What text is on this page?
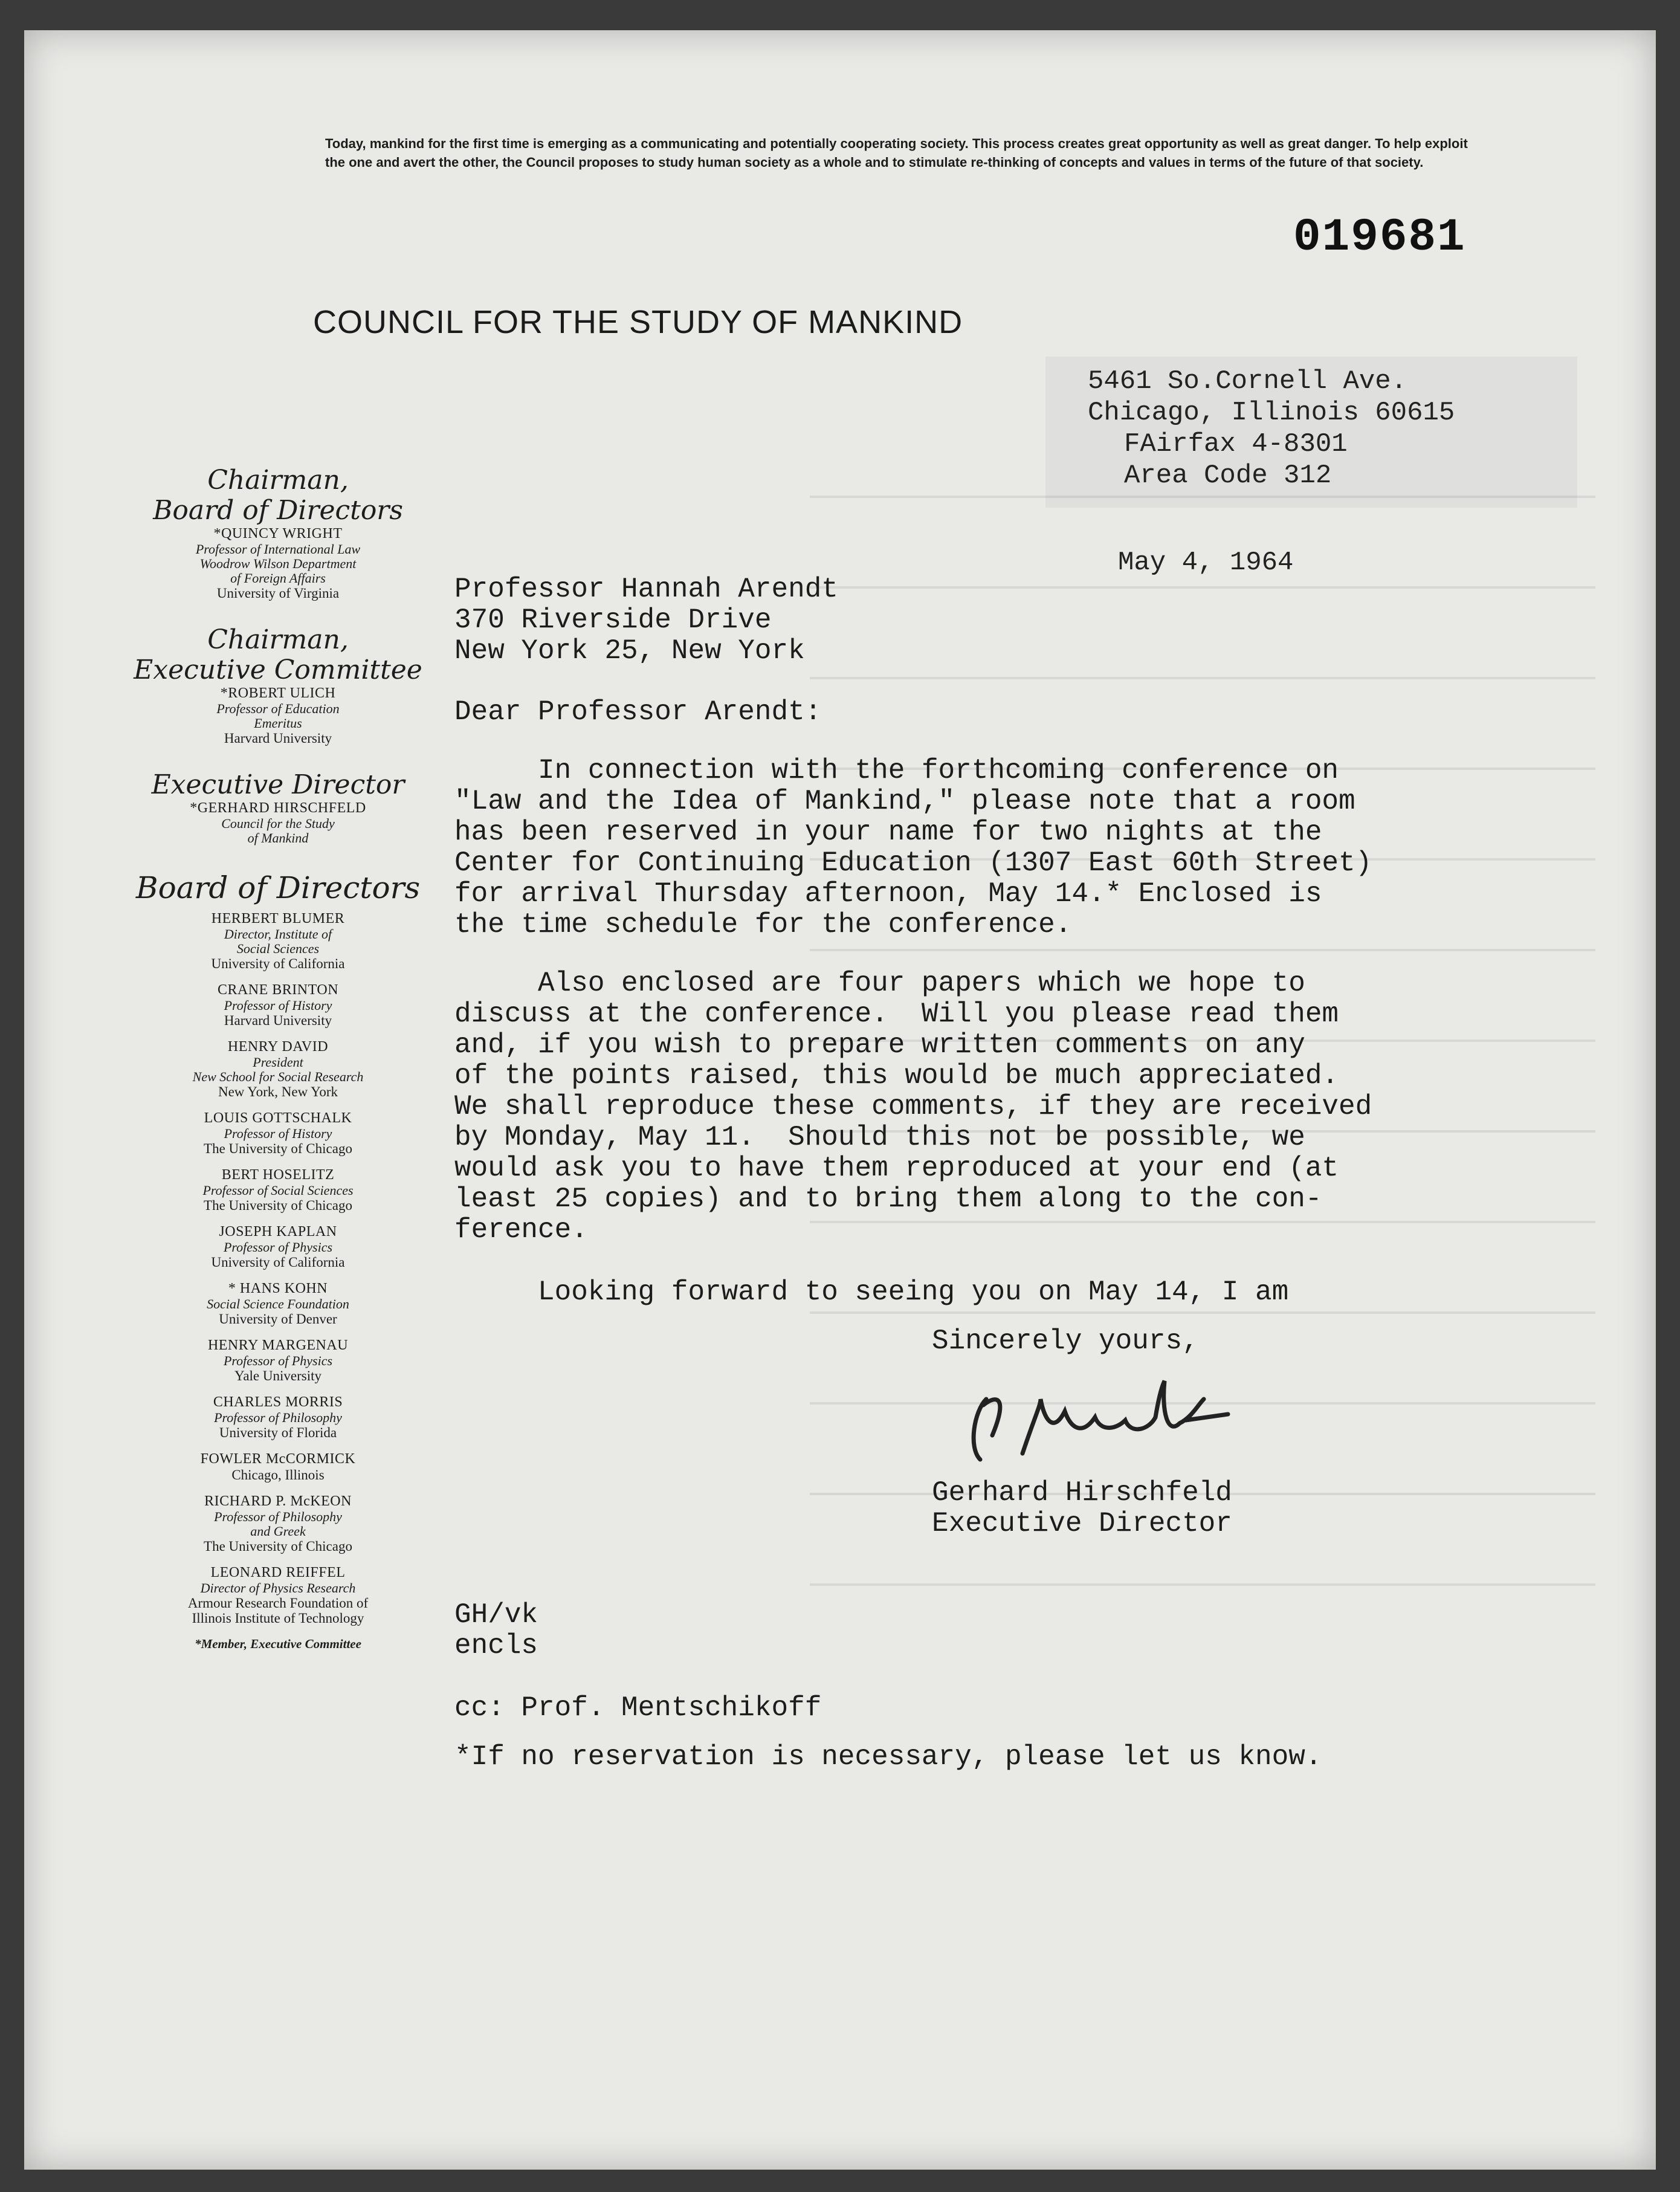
Today, mankind for the first time is emerging as a communicating and potentially cooperating society. This process creates great opportunity as well as great danger. To help exploit the one and avert the other, the Council proposes to study human society as a whole and to stimulate re-thinking of concepts and values in terms of the future of that society.
019681
COUNCIL FOR THE STUDY OF MANKIND
5461 So.Cornell Ave.
Chicago, Illinois 60615
FAirfax 4-8301
Area Code 312
May 4, 1964
Chairman,
Board of Directors
*QUINCY WRIGHT
Professor of International Law
Woodrow Wilson Department
of Foreign Affairs
University of Virginia
Chairman,
Executive Committee
*ROBERT ULICH
Professor of Education
Emeritus
Harvard University
Executive Director
*GERHARD HIRSCHFELD
Council for the Study
of Mankind
Board of Directors
HERBERT BLUMER
Director, Institute of
Social Sciences
University of California
CRANE BRINTON
Professor of History
Harvard University
HENRY DAVID
President
New School for Social Research
New York, New York
LOUIS GOTTSCHALK
Professor of History
The University of Chicago
BERT HOSELITZ
Professor of Social Sciences
The University of Chicago
JOSEPH KAPLAN
Professor of Physics
University of California
* HANS KOHN
Social Science Foundation
University of Denver
HENRY MARGENAU
Professor of Physics
Yale University
CHARLES MORRIS
Professor of Philosophy
University of Florida
FOWLER McCORMICK
Chicago, Illinois
RICHARD P. McKEON
Professor of Philosophy
and Greek
The University of Chicago
LEONARD REIFFEL
Director of Physics Research
Armour Research Foundation of
Illinois Institute of Technology
*Member, Executive Committee
Professor Hannah Arendt
370 Riverside Drive
New York 25, New York
Dear Professor Arendt:
In connection with the forthcoming conference on
"Law and the Idea of Mankind," please note that a room
has been reserved in your name for two nights at the
Center for Continuing Education (1307 East 60th Street)
for arrival Thursday afternoon, May 14.* Enclosed is
the time schedule for the conference.
Also enclosed are four papers which we hope to
discuss at the conference.  Will you please read them
and, if you wish to prepare written comments on any
of the points raised, this would be much appreciated.
We shall reproduce these comments, if they are received
by Monday, May 11.  Should this not be possible, we
would ask you to have them reproduced at your end (at
least 25 copies) and to bring them along to the con-
ference.
Looking forward to seeing you on May 14, I am
Sincerely yours,
Gerhard Hirschfeld
Executive Director
GH/vk
encls
cc: Prof. Mentschikoff
*If no reservation is necessary, please let us know.
